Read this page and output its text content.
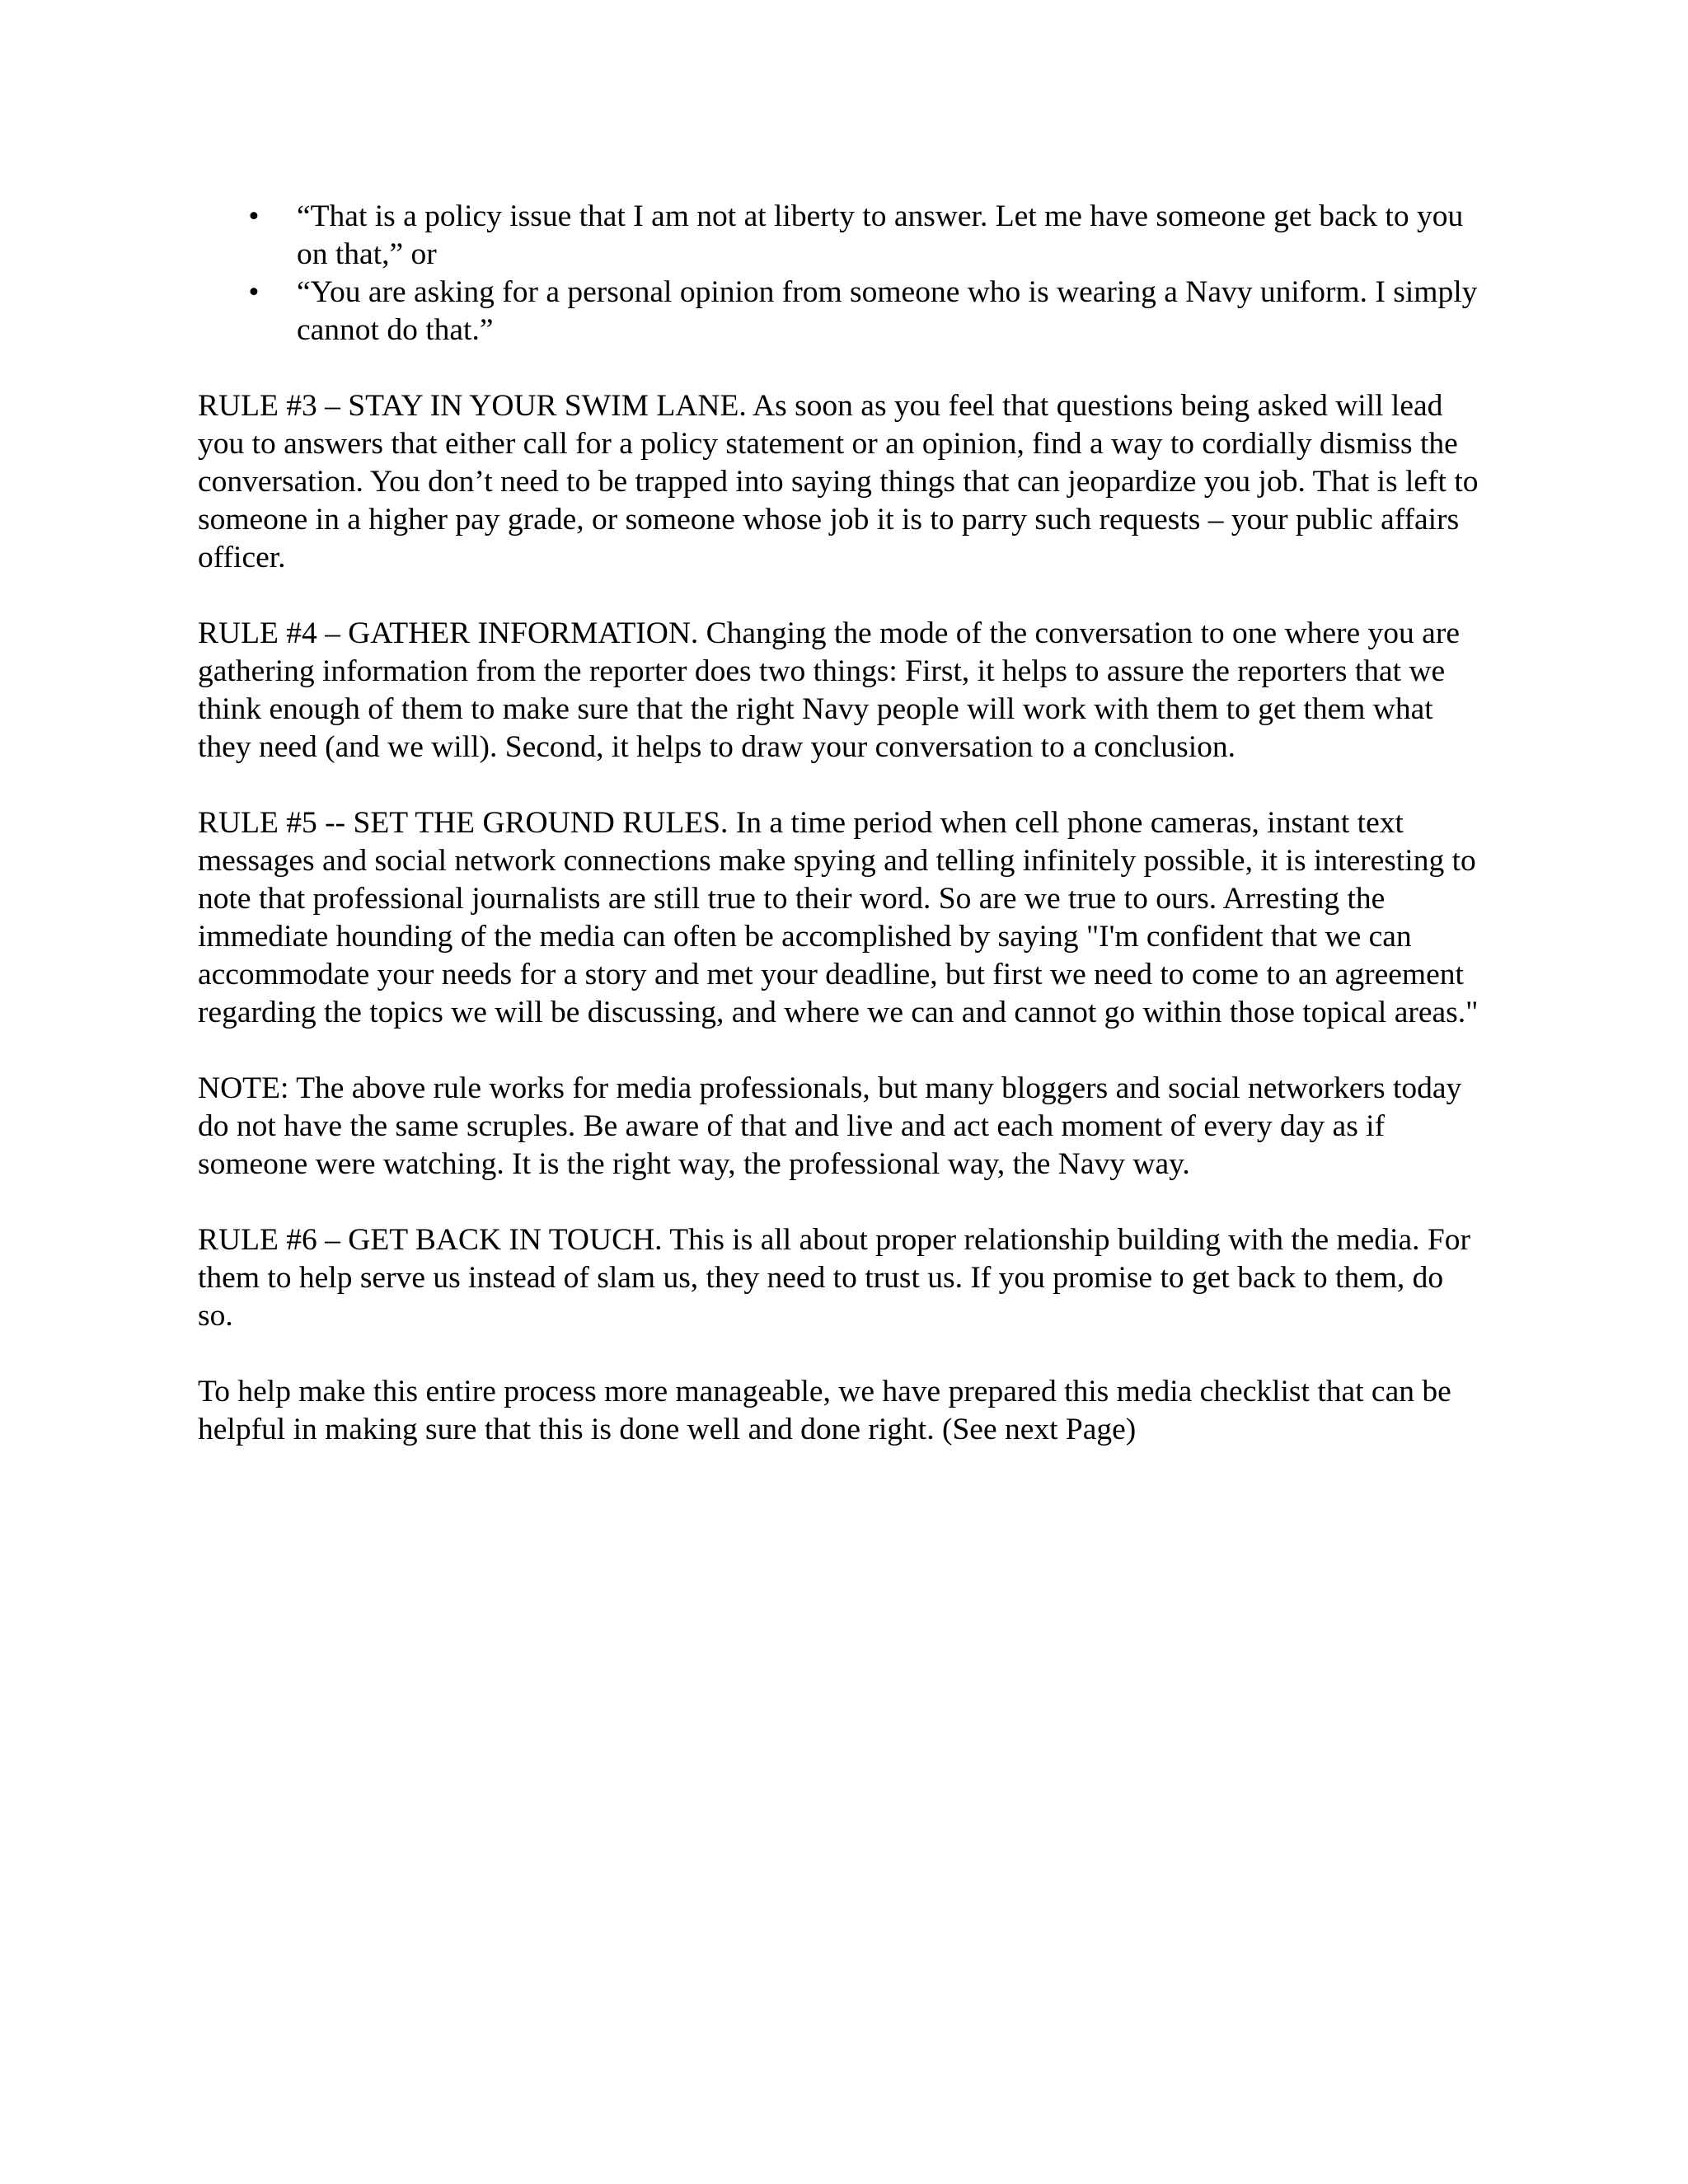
• “That is a policy issue that I am not at liberty to answer. Let me have someone get back to you on that,” or
• “You are asking for a personal opinion from someone who is wearing a Navy uniform. I simply cannot do that.”

RULE #3 – STAY IN YOUR SWIM LANE. As soon as you feel that questions being asked will lead you to answers that either call for a policy statement or an opinion, find a way to cordially dismiss the conversation. You don’t need to be trapped into saying things that can jeopardize you job. That is left to someone in a higher pay grade, or someone whose job it is to parry such requests – your public affairs officer.

RULE #4 – GATHER INFORMATION. Changing the mode of the conversation to one where you are gathering information from the reporter does two things: First, it helps to assure the reporters that we think enough of them to make sure that the right Navy people will work with them to get them what they need (and we will). Second, it helps to draw your conversation to a conclusion.

RULE #5 -- SET THE GROUND RULES. In a time period when cell phone cameras, instant text messages and social network connections make spying and telling infinitely possible, it is interesting to note that professional journalists are still true to their word. So are we true to ours. Arresting the immediate hounding of the media can often be accomplished by saying "I'm confident that we can accommodate your needs for a story and met your deadline, but first we need to come to an agreement regarding the topics we will be discussing, and where we can and cannot go within those topical areas."

NOTE: The above rule works for media professionals, but many bloggers and social networkers today do not have the same scruples. Be aware of that and live and act each moment of every day as if someone were watching. It is the right way, the professional way, the Navy way.

RULE #6 – GET BACK IN TOUCH. This is all about proper relationship building with the media. For them to help serve us instead of slam us, they need to trust us. If you promise to get back to them, do so.

To help make this entire process more manageable, we have prepared this media checklist that can be helpful in making sure that this is done well and done right. (See next Page)
